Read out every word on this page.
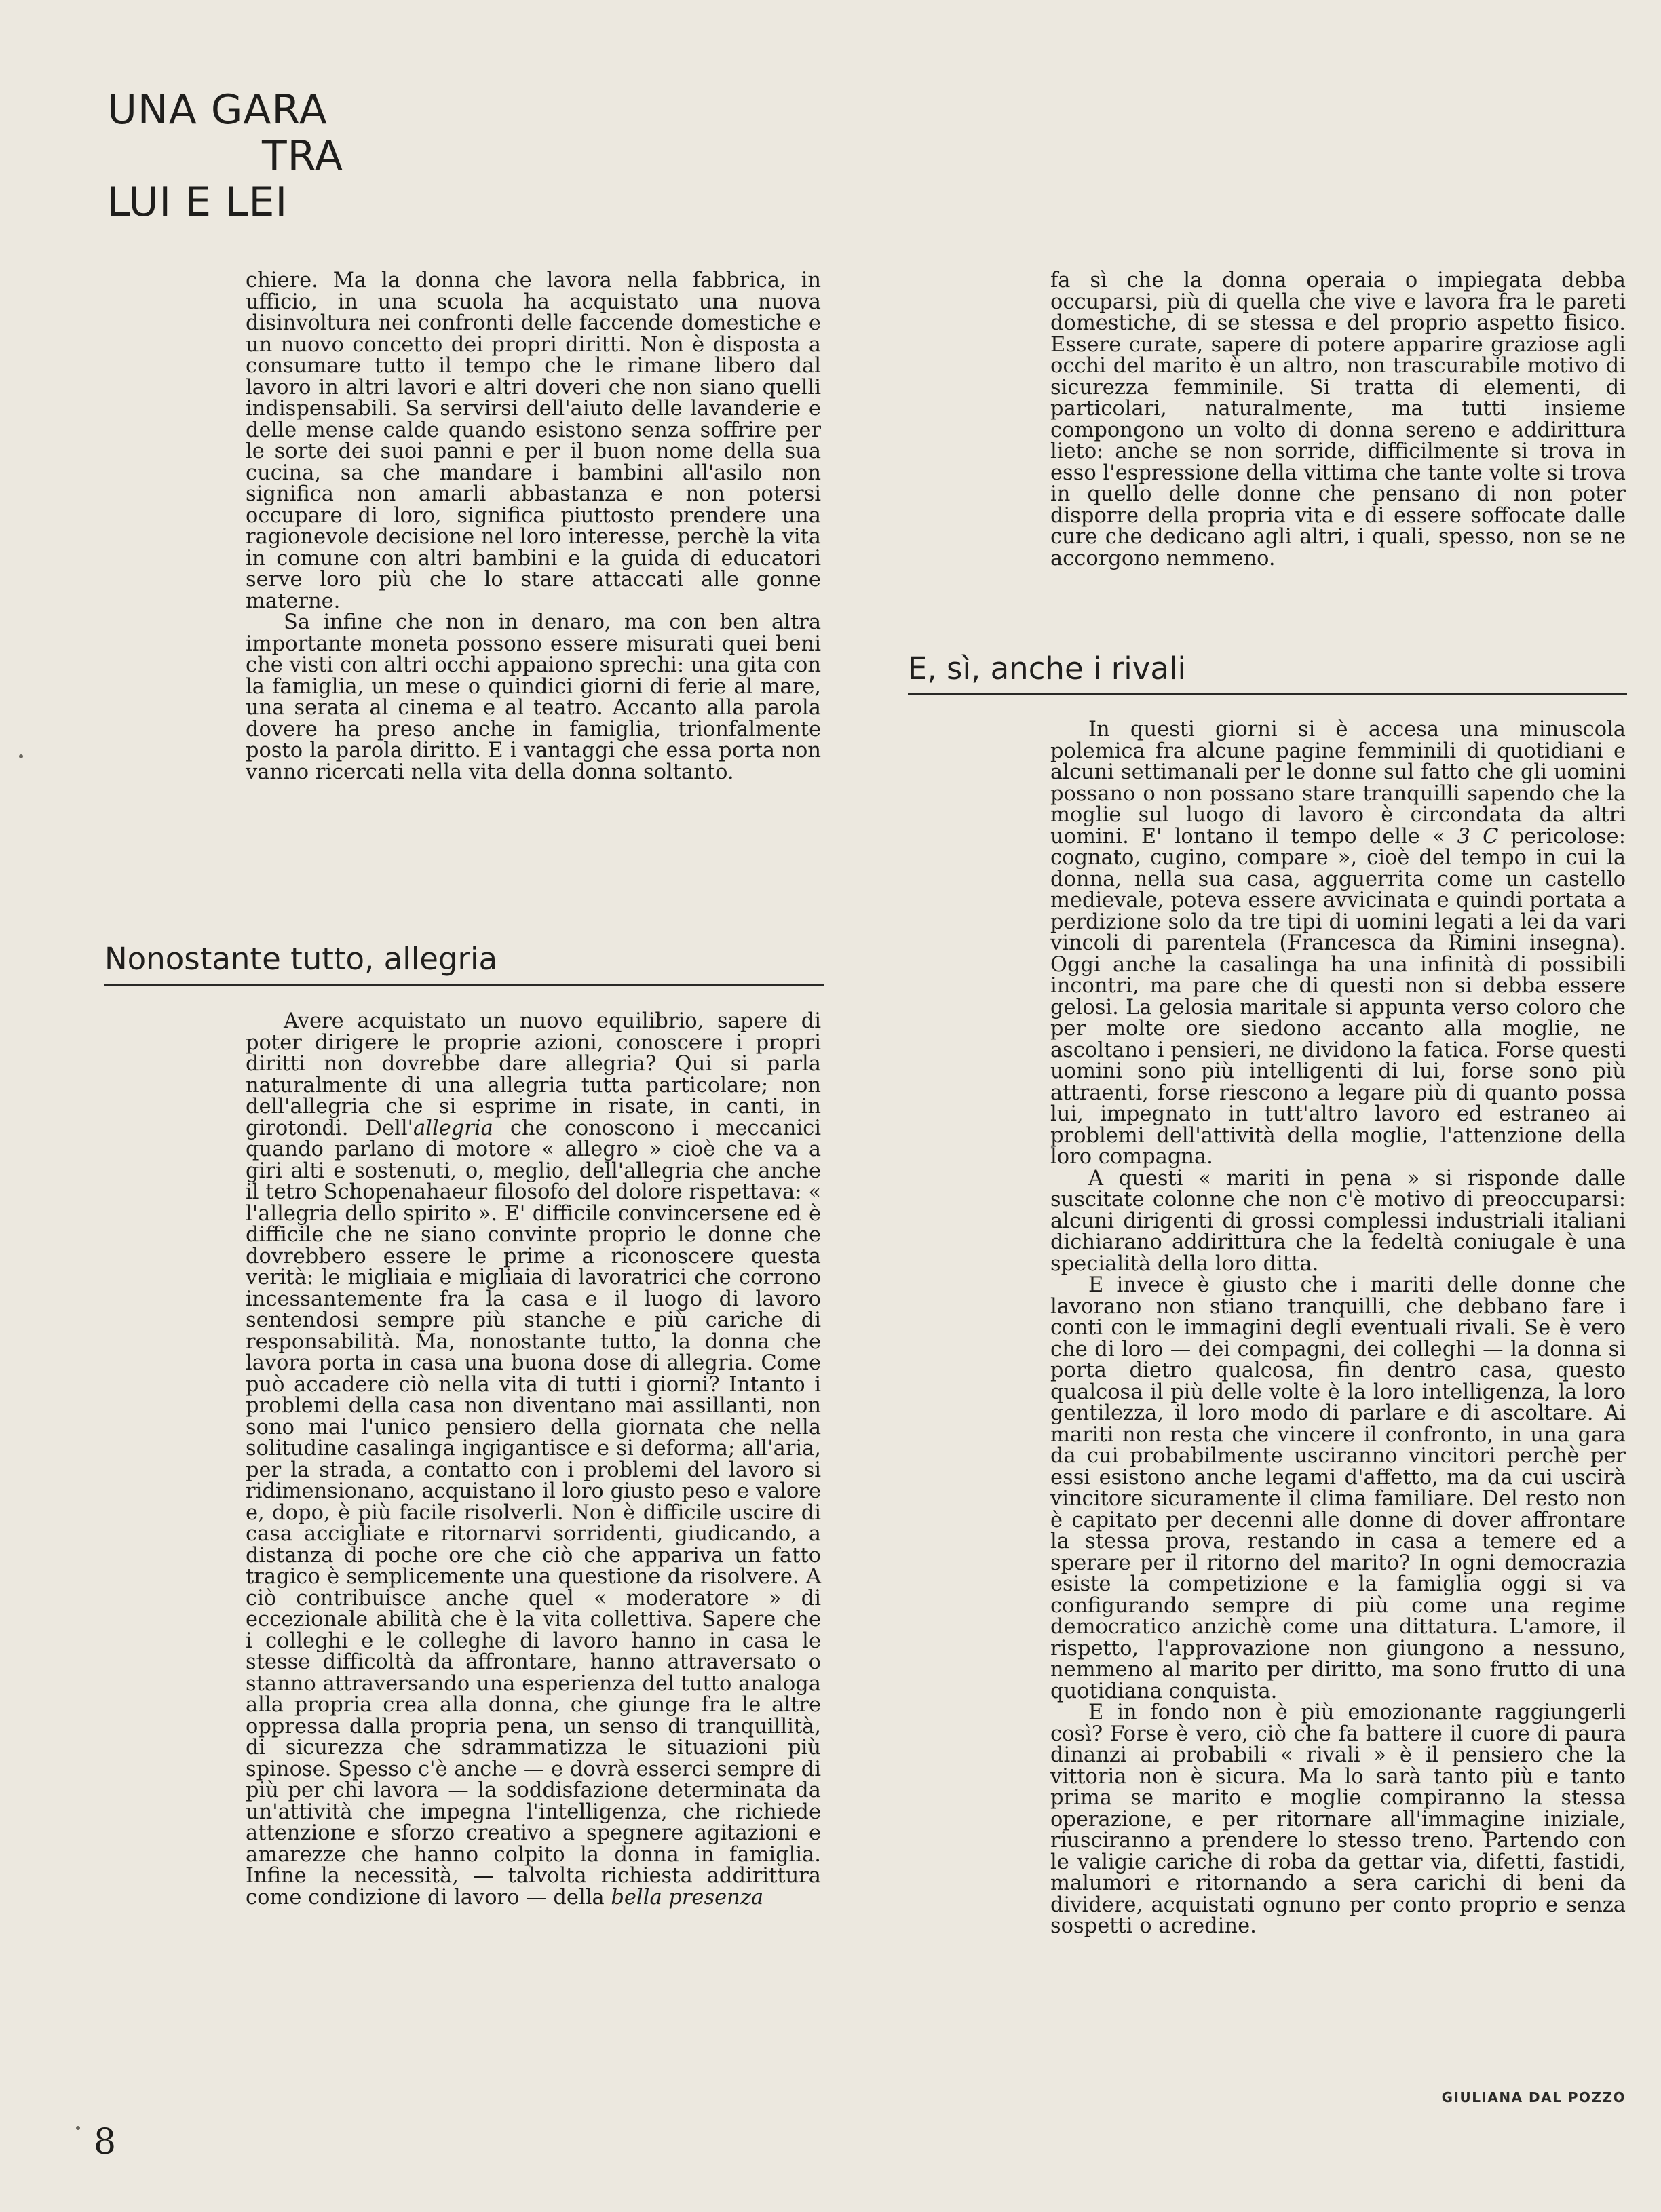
UNA GARA
TRA
LUI E LEI

chiere. Ma la donna che lavora nella fabbrica, in ufficio, in una scuola ha acquistato una nuova disinvoltura nei confronti delle faccende domestiche e un nuovo concetto dei propri diritti. Non è disposta a consumare tutto il tempo che le rimane libero dal lavoro in altri lavori e altri doveri che non siano quelli indispensabili. Sa servirsi dell'aiuto delle lavanderie e delle mense calde quando esistono senza soffrire per le sorte dei suoi panni e per il buon nome della sua cucina, sa che mandare i bambini all'asilo non significa non amarli abbastanza e non potersi occupare di loro, significa piuttosto prendere una ragionevole decisione nel loro interesse, perchè la vita in comune con altri bambini e la guida di educatori serve loro più che lo stare attaccati alle gonne materne.

Sa infine che non in denaro, ma con ben altra importante moneta possono essere misurati quei beni che visti con altri occhi appaiono sprechi: una gita con la famiglia, un mese o quindici giorni di ferie al mare, una serata al cinema e al teatro. Accanto alla parola dovere ha preso anche in famiglia, trionfalmente posto la parola diritto. E i vantaggi che essa porta non vanno ricercati nella vita della donna soltanto.

Nonostante tutto, allegria

Avere acquistato un nuovo equilibrio, sapere di poter dirigere le proprie azioni, conoscere i propri diritti non dovrebbe dare allegria? Qui si parla naturalmente di una allegria tutta particolare; non dell'allegria che si esprime in risate, in canti, in girotondi. Dell'allegria che conoscono i meccanici quando parlano di motore « allegro » cioè che va a giri alti e sostenuti, o, meglio, dell'allegria che anche il tetro Schopenahaeur filosofo del dolore rispettava: « l'allegria dello spirito ». E' difficile convincersene ed è difficile che ne siano convinte proprio le donne che dovrebbero essere le prime a riconoscere questa verità: le migliaia e migliaia di lavoratrici che corrono incessantemente fra la casa e il luogo di lavoro sentendosi sempre più stanche e più cariche di responsabilità. Ma, nonostante tutto, la donna che lavora porta in casa una buona dose di allegria. Come può accadere ciò nella vita di tutti i giorni? Intanto i problemi della casa non diventano mai assillanti, non sono mai l'unico pensiero della giornata che nella solitudine casalinga ingigantisce e si deforma; all'aria, per la strada, a contatto con i problemi del lavoro si ridimensionano, acquistano il loro giusto peso e valore e, dopo, è più facile risolverli. Non è difficile uscire di casa accigliate e ritornarvi sorridenti, giudicando, a distanza di poche ore che ciò che appariva un fatto tragico è semplicemente una questione da risolvere. A ciò contribuisce anche quel « moderatore » di eccezionale abilità che è la vita collettiva. Sapere che i colleghi e le colleghe di lavoro hanno in casa le stesse difficoltà da affrontare, hanno attraversato o stanno attraversando una esperienza del tutto analoga alla propria crea alla donna, che giunge fra le altre oppressa dalla propria pena, un senso di tranquillità, di sicurezza che sdrammatizza le situazioni più spinose. Spesso c'è anche — e dovrà esserci sempre di più per chi lavora — la soddisfazione determinata da un'attività che impegna l'intelligenza, che richiede attenzione e sforzo creativo a spegnere agitazioni e amarezze che hanno colpito la donna in famiglia. Infine la necessità, — talvolta richiesta addirittura come condizione di lavoro — della bella presenza

fa sì che la donna operaia o impiegata debba occuparsi, più di quella che vive e lavora fra le pareti domestiche, di se stessa e del proprio aspetto fisico. Essere curate, sapere di potere apparire graziose agli occhi del marito è un altro, non trascurabile motivo di sicurezza femminile. Si tratta di elementi, di particolari, naturalmente, ma tutti insieme compongono un volto di donna sereno e addirittura lieto: anche se non sorride, difficilmente si trova in esso l'espressione della vittima che tante volte si trova in quello delle donne che pensano di non poter disporre della propria vita e di essere soffocate dalle cure che dedicano agli altri, i quali, spesso, non se ne accorgono nemmeno.

E, sì, anche i rivali

In questi giorni si è accesa una minuscola polemica fra alcune pagine femminili di quotidiani e alcuni settimanali per le donne sul fatto che gli uomini possano o non possano stare tranquilli sapendo che la moglie sul luogo di lavoro è circondata da altri uomini. E' lontano il tempo delle « 3 C pericolose: cognato, cugino, compare », cioè del tempo in cui la donna, nella sua casa, agguerrita come un castello medievale, poteva essere avvicinata e quindi portata a perdizione solo da tre tipi di uomini legati a lei da vari vincoli di parentela (Francesca da Rimini insegna). Oggi anche la casalinga ha una infinità di possibili incontri, ma pare che di questi non si debba essere gelosi. La gelosia maritale si appunta verso coloro che per molte ore siedono accanto alla moglie, ne ascoltano i pensieri, ne dividono la fatica. Forse questi uomini sono più intelligenti di lui, forse sono più attraenti, forse riescono a legare più di quanto possa lui, impegnato in tutt'altro lavoro ed estraneo ai problemi dell'attività della moglie, l'attenzione della loro compagna.

A questi « mariti in pena » si risponde dalle suscitate colonne che non c'è motivo di preoccuparsi: alcuni dirigenti di grossi complessi industriali italiani dichiarano addirittura che la fedeltà coniugale è una specialità della loro ditta.

E invece è giusto che i mariti delle donne che lavorano non stiano tranquilli, che debbano fare i conti con le immagini degli eventuali rivali. Se è vero che di loro — dei compagni, dei colleghi — la donna si porta dietro qualcosa, fin dentro casa, questo qualcosa il più delle volte è la loro intelligenza, la loro gentilezza, il loro modo di parlare e di ascoltare. Ai mariti non resta che vincere il confronto, in una gara da cui probabilmente usciranno vincitori perchè per essi esistono anche legami d'affetto, ma da cui uscirà vincitore sicuramente il clima familiare. Del resto non è capitato per decenni alle donne di dover affrontare la stessa prova, restando in casa a temere ed a sperare per il ritorno del marito? In ogni democrazia esiste la competizione e la famiglia oggi si va configurando sempre di più come una regime democratico anzichè come una dittatura. L'amore, il rispetto, l'approvazione non giungono a nessuno, nemmeno al marito per diritto, ma sono frutto di una quotidiana conquista.

E in fondo non è più emozionante raggiungerli così? Forse è vero, ciò che fa battere il cuore di paura dinanzi ai probabili « rivali » è il pensiero che la vittoria non è sicura. Ma lo sarà tanto più e tanto prima se marito e moglie compiranno la stessa operazione, e per ritornare all'immagine iniziale, riusciranno a prendere lo stesso treno. Partendo con le valigie cariche di roba da gettar via, difetti, fastidi, malumori e ritornando a sera carichi di beni da dividere, acquistati ognuno per conto proprio e senza sospetti o acredine.

GIULIANA DAL POZZO
8
